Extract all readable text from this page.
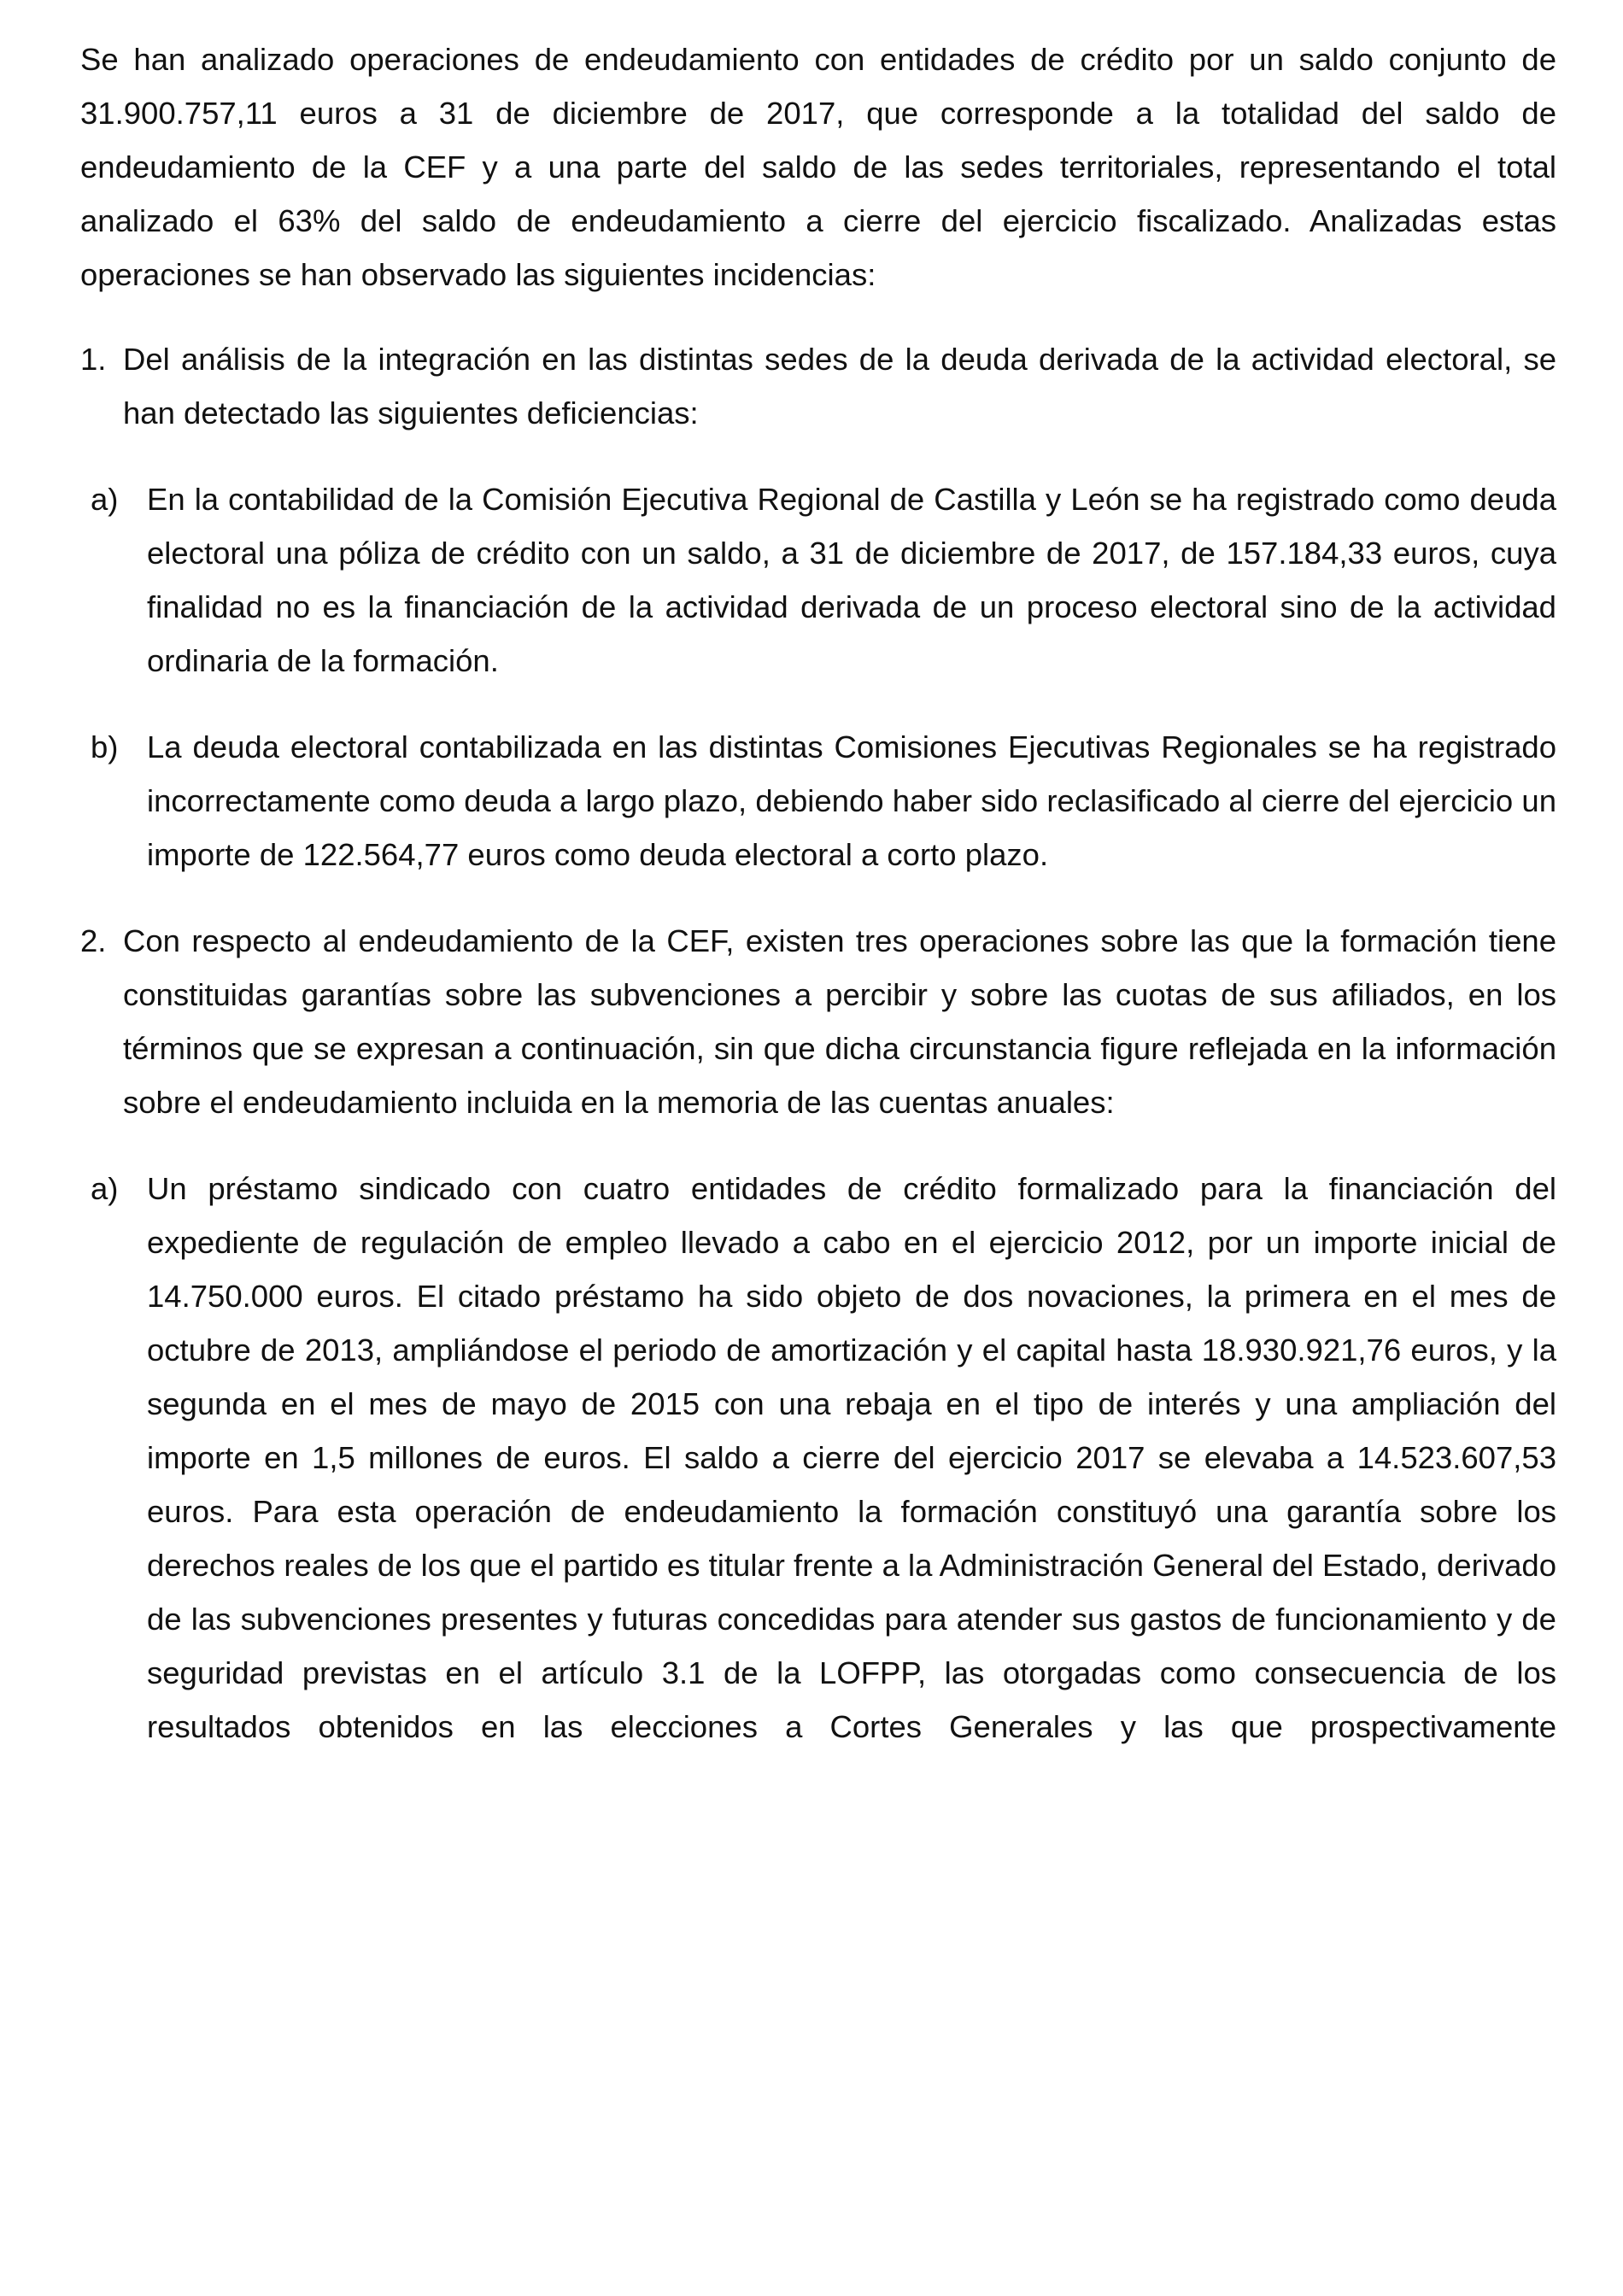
Se han analizado operaciones de endeudamiento con entidades de crédito por un saldo conjunto de 31.900.757,11 euros a 31 de diciembre de 2017, que corresponde a la totalidad del saldo de endeudamiento de la CEF y a una parte del saldo de las sedes territoriales, representando el total analizado el 63% del saldo de endeudamiento a cierre del ejercicio fiscalizado. Analizadas estas operaciones se han observado las siguientes incidencias:

1. Del análisis de la integración en las distintas sedes de la deuda derivada de la actividad electoral, se han detectado las siguientes deficiencias:

a) En la contabilidad de la Comisión Ejecutiva Regional de Castilla y León se ha registrado como deuda electoral una póliza de crédito con un saldo, a 31 de diciembre de 2017, de 157.184,33 euros, cuya finalidad no es la financiación de la actividad derivada de un proceso electoral sino de la actividad ordinaria de la formación.

b) La deuda electoral contabilizada en las distintas Comisiones Ejecutivas Regionales se ha registrado incorrectamente como deuda a largo plazo, debiendo haber sido reclasificado al cierre del ejercicio un importe de 122.564,77 euros como deuda electoral a corto plazo.

2. Con respecto al endeudamiento de la CEF, existen tres operaciones sobre las que la formación tiene constituidas garantías sobre las subvenciones a percibir y sobre las cuotas de sus afiliados, en los términos que se expresan a continuación, sin que dicha circunstancia figure reflejada en la información sobre el endeudamiento incluida en la memoria de las cuentas anuales:

a) Un préstamo sindicado con cuatro entidades de crédito formalizado para la financiación del expediente de regulación de empleo llevado a cabo en el ejercicio 2012, por un importe inicial de 14.750.000 euros. El citado préstamo ha sido objeto de dos novaciones, la primera en el mes de octubre de 2013, ampliándose el periodo de amortización y el capital hasta 18.930.921,76 euros, y la segunda en el mes de mayo de 2015 con una rebaja en el tipo de interés y una ampliación del importe en 1,5 millones de euros. El saldo a cierre del ejercicio 2017 se elevaba a 14.523.607,53 euros. Para esta operación de endeudamiento la formación constituyó una garantía sobre los derechos reales de los que el partido es titular frente a la Administración General del Estado, derivado de las subvenciones presentes y futuras concedidas para atender sus gastos de funcionamiento y de seguridad previstas en el artículo 3.1 de la LOFPP, las otorgadas como consecuencia de los resultados obtenidos en las elecciones a Cortes Generales y las que prospectivamente
